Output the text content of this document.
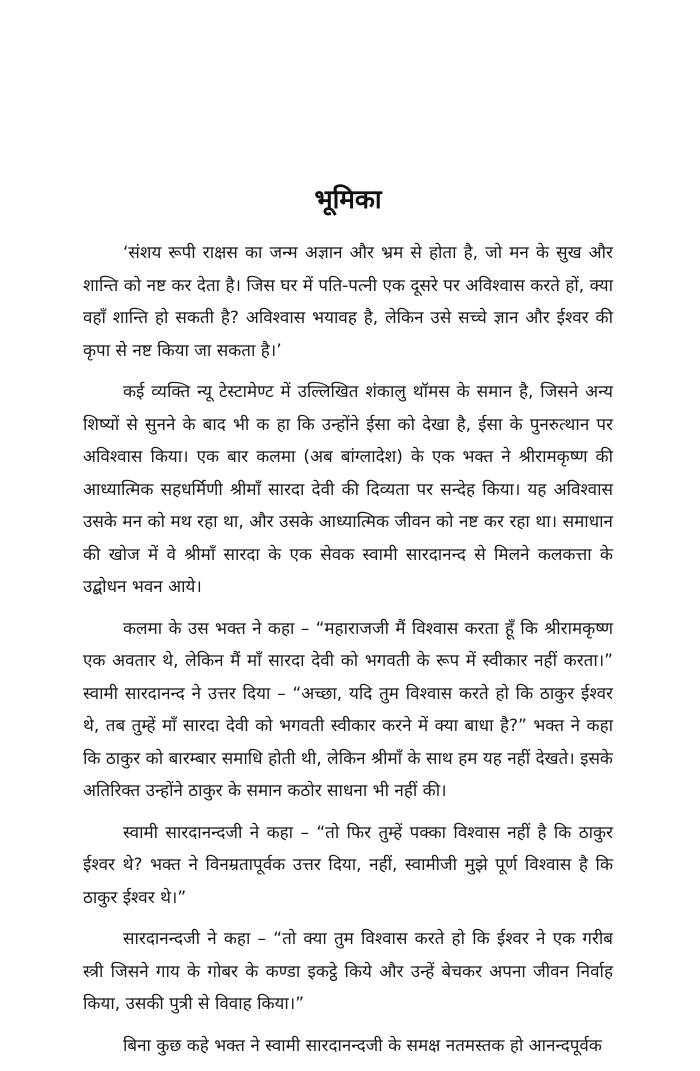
भूमिका

‘संशय रूपी राक्षस का जन्म अज्ञान और भ्रम से होता है, जो मन के सुख और शान्ति को नष्ट कर देता है। जिस घर में पति-पत्नी एक दूसरे पर अविश्वास करते हों, क्या वहाँ शान्ति हो सकती है? अविश्वास भयावह है, लेकिन उसे सच्चे ज्ञान और ईश्वर की कृपा से नष्ट किया जा सकता है।’

कई व्यक्ति न्यू टेस्टामेण्ट में उल्लिखित शंकालु थॉमस के समान है, जिसने अन्य शिष्यों से सुनने के बाद भी क हा कि उन्होंने ईसा को देखा है, ईसा के पुनरुत्थान पर अविश्वास किया। एक बार कलमा (अब बांग्लादेश) के एक भक्त ने श्रीरामकृष्ण की आध्यात्मिक सहधर्मिणी श्रीमाँ सारदा देवी की दिव्यता पर सन्देह किया। यह अविश्वास उसके मन को मथ रहा था, और उसके आध्यात्मिक जीवन को नष्ट कर रहा था। समाधान की खोज में वे श्रीमाँ सारदा के एक सेवक स्वामी सारदानन्द से मिलने कलकत्ता के उद्बोधन भवन आये।

कलमा के उस भक्त ने कहा – “महाराजजी मैं विश्वास करता हूँ कि श्रीरामकृष्ण एक अवतार थे, लेकिन मैं माँ सारदा देवी को भगवती के रूप में स्वीकार नहीं करता।” स्वामी सारदानन्द ने उत्तर दिया – “अच्छा, यदि तुम विश्वास करते हो कि ठाकुर ईश्वर थे, तब तुम्हें माँ सारदा देवी को भगवती स्वीकार करने में क्या बाधा है?” भक्त ने कहा कि ठाकुर को बारम्बार समाधि होती थी, लेकिन श्रीमाँ के साथ हम यह नहीं देखते। इसके अतिरिक्त उन्होंने ठाकुर के समान कठोर साधना भी नहीं की।

स्वामी सारदानन्दजी ने कहा – “तो फिर तुम्हें पक्का विश्वास नहीं है कि ठाकुर ईश्वर थे? भक्त ने विनम्रतापूर्वक उत्तर दिया, नहीं, स्वामीजी मुझे पूर्ण विश्वास है कि ठाकुर ईश्वर थे।”

सारदानन्दजी ने कहा – “तो क्या तुम विश्वास करते हो कि ईश्वर ने एक गरीब स्त्री जिसने गाय के गोबर के कण्डा इकट्ठे किये और उन्हें बेचकर अपना जीवन निर्वाह किया, उसकी पुत्री से विवाह किया।”

बिना कुछ कहे भक्त ने स्वामी सारदानन्दजी के समक्ष नतमस्तक हो आनन्दपूर्वक
